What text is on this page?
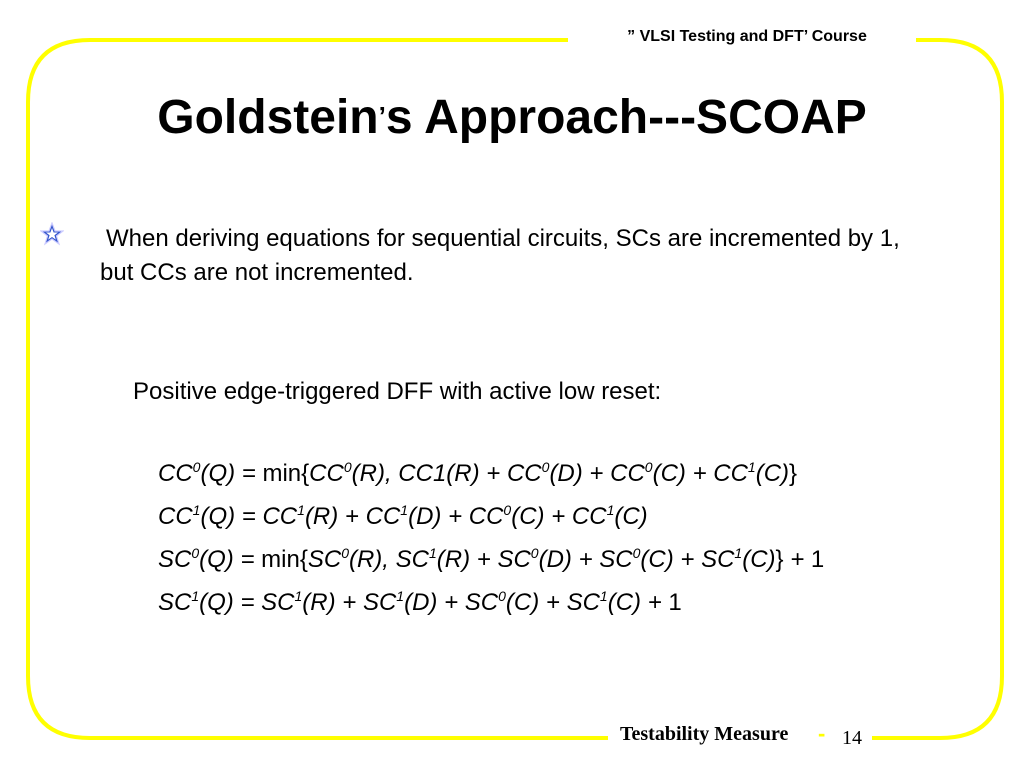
” VLSI Testing and DFT’ Course
Goldstein’s Approach---SCOAP
When deriving equations for sequential circuits, SCs are incremented by 1, but CCs are not incremented.
Positive edge-triggered DFF with active low reset:
$CC^0(Q) = \min\{CC^0(R)$, $CC1(R) + CC^0(D) + CC^0(C) + CC^1(C)$}
$CC^1(Q) = CC^1(R) + CC^1(D) + CC^0(C) + CC^1(C)$
$SC^0(Q) = \min\{SC^0(R)$, $SC^1(R) + SC^0(D) + SC^0(C) + SC^1(C)\} + 1$
$SC^1(Q) = SC^1(R) + SC^1(D) + SC^0(C) + SC^1(C) + 1$
Testability Measure - 14
